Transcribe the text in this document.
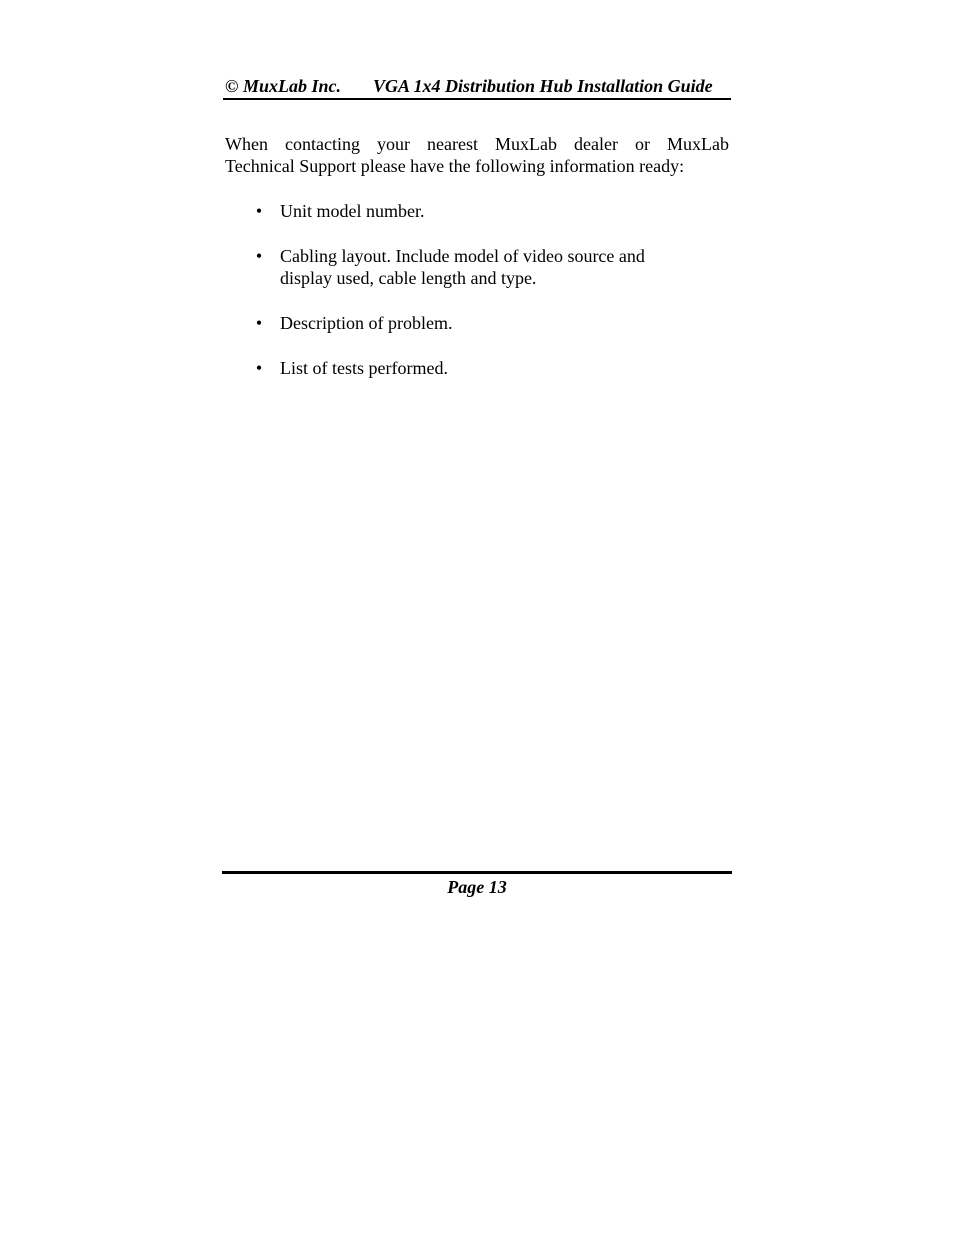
© MuxLab Inc. VGA 1x4 Distribution Hub Installation Guide

When contacting your nearest MuxLab dealer or MuxLab
Technical Support please have the following information ready:

• Unit model number.
• Cabling layout. Include model of video source and
display used, cable length and type.
• Description of problem.
• List of tests performed.
Page 13
